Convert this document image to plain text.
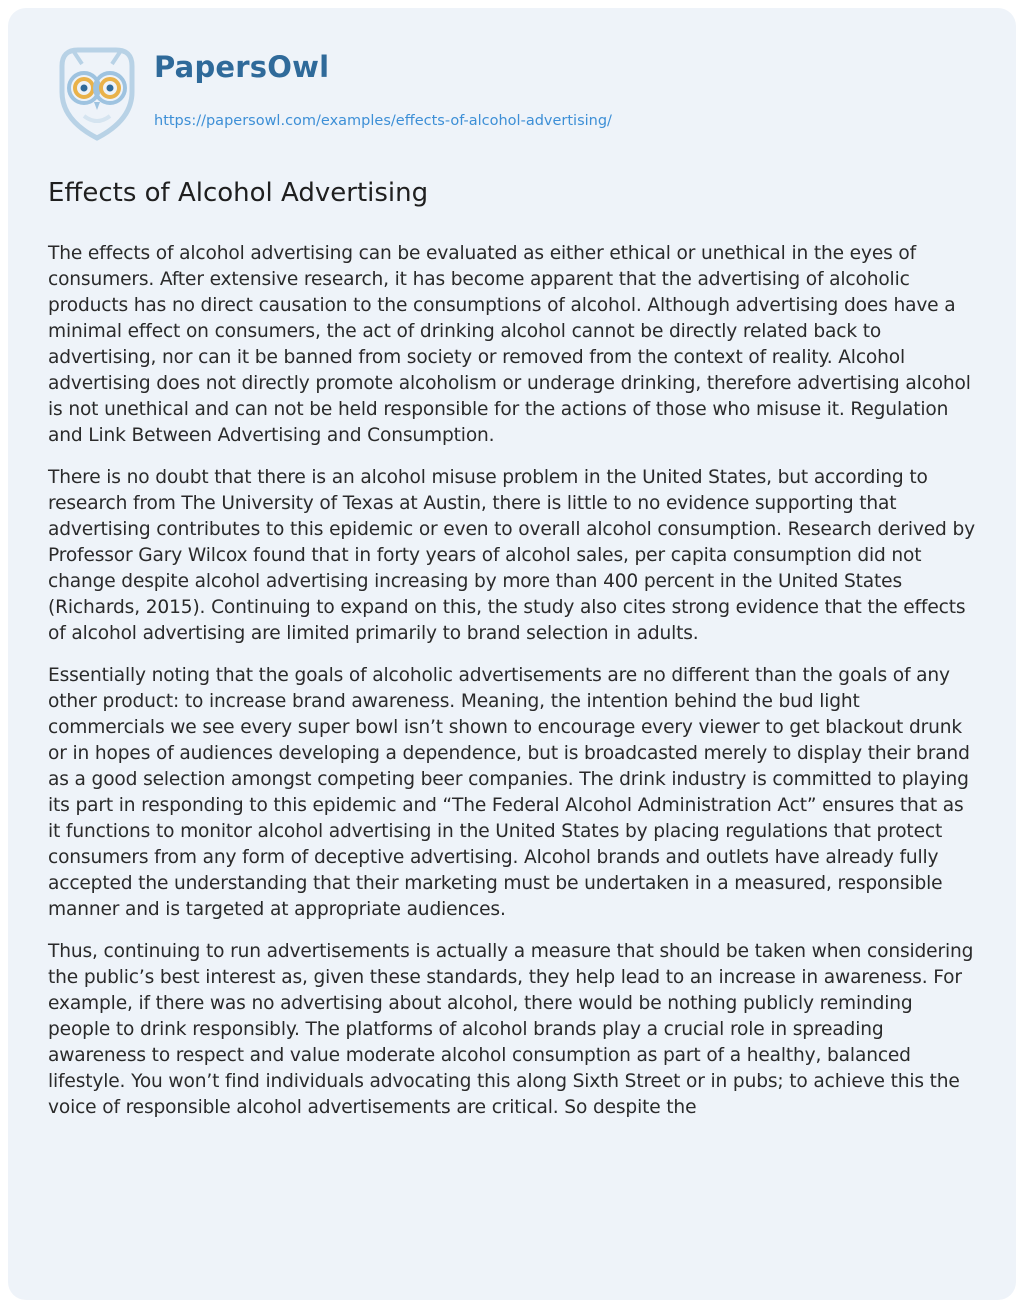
PapersOwl
https://papersowl.com/examples/effects-of-alcohol-advertising/
Effects of Alcohol Advertising

The effects of alcohol advertising can be evaluated as either ethical or unethical in the eyes of consumers. After extensive research, it has become apparent that the advertising of alcoholic products has no direct causation to the consumptions of alcohol. Although advertising does have a minimal effect on consumers, the act of drinking alcohol cannot be directly related back to advertising, nor can it be banned from society or removed from the context of reality. Alcohol advertising does not directly promote alcoholism or underage drinking, therefore advertising alcohol is not unethical and can not be held responsible for the actions of those who misuse it. Regulation and Link Between Advertising and Consumption.

There is no doubt that there is an alcohol misuse problem in the United States, but according to research from The University of Texas at Austin, there is little to no evidence supporting that advertising contributes to this epidemic or even to overall alcohol consumption. Research derived by Professor Gary Wilcox found that in forty years of alcohol sales, per capita consumption did not change despite alcohol advertising increasing by more than 400 percent in the United States (Richards, 2015). Continuing to expand on this, the study also cites strong evidence that the effects of alcohol advertising are limited primarily to brand selection in adults.

Essentially noting that the goals of alcoholic advertisements are no different than the goals of any other product: to increase brand awareness. Meaning, the intention behind the bud light commercials we see every super bowl isn’t shown to encourage every viewer to get blackout drunk or in hopes of audiences developing a dependence, but is broadcasted merely to display their brand as a good selection amongst competing beer companies. The drink industry is committed to playing its part in responding to this epidemic and “The Federal Alcohol Administration Act” ensures that as it functions to monitor alcohol advertising in the United States by placing regulations that protect consumers from any form of deceptive advertising. Alcohol brands and outlets have already fully accepted the understanding that their marketing must be undertaken in a measured, responsible manner and is targeted at appropriate audiences.

Thus, continuing to run advertisements is actually a measure that should be taken when considering the public’s best interest as, given these standards, they help lead to an increase in awareness. For example, if there was no advertising about alcohol, there would be nothing publicly reminding people to drink responsibly. The platforms of alcohol brands play a crucial role in spreading awareness to respect and value moderate alcohol consumption as part of a healthy, balanced lifestyle. You won’t find individuals advocating this along Sixth Street or in pubs; to achieve this the voice of responsible alcohol advertisements are critical. So despite the
